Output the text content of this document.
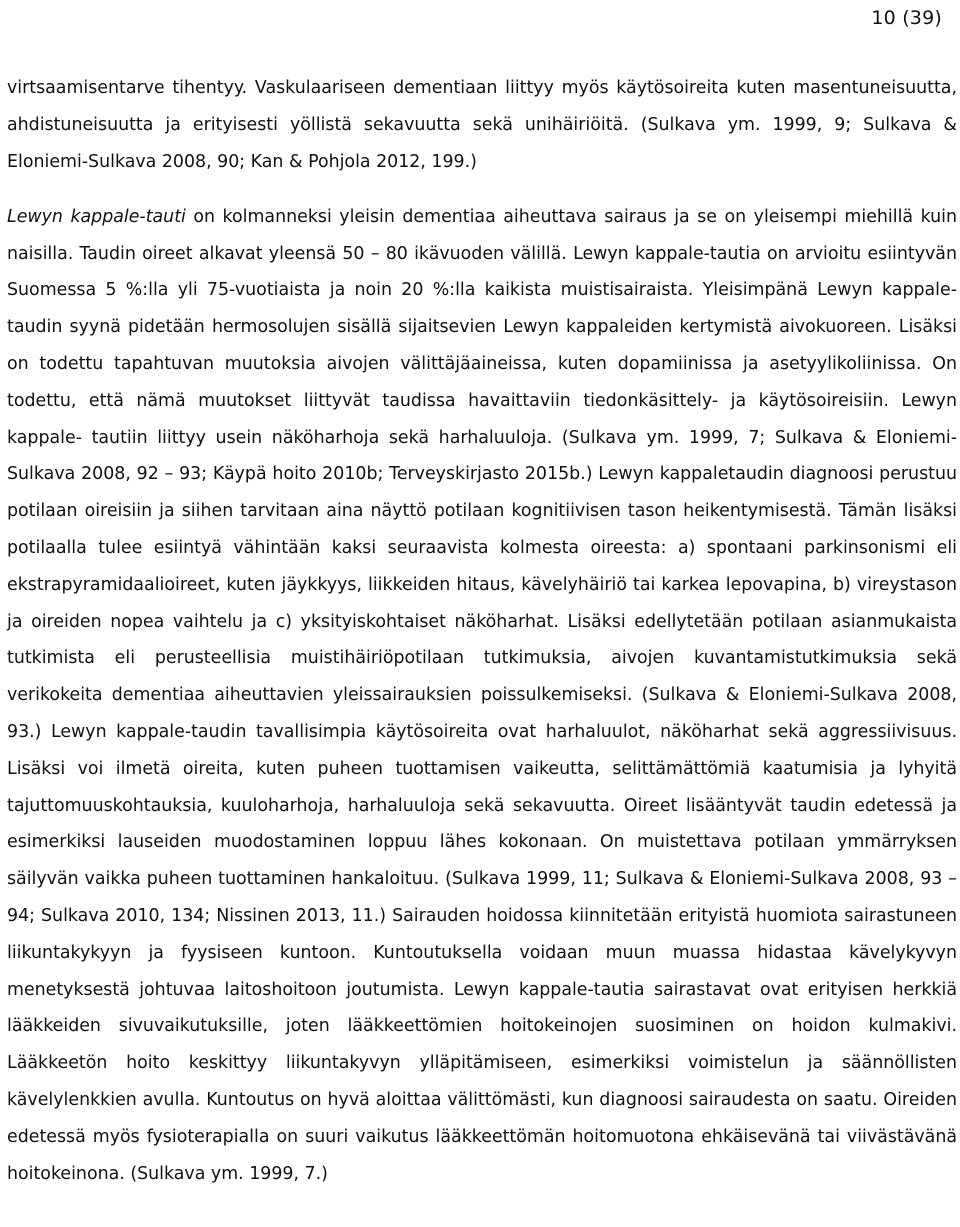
10 (39)

virtsaamisentarve tihentyy. Vaskulaariseen dementiaan liittyy myös käytösoireita kuten masentuneisuutta, ahdistuneisuutta ja erityisesti yöllistä sekavuutta sekä unihäiriöitä. (Sulkava ym. 1999, 9; Sulkava & Eloniemi-Sulkava 2008, 90; Kan & Pohjola 2012, 199.)

Lewyn kappale-tauti on kolmanneksi yleisin dementiaa aiheuttava sairaus ja se on yleisempi miehillä kuin naisilla. Taudin oireet alkavat yleensä 50 – 80 ikävuoden välillä. Lewyn kappale-tautia on arvioitu esiintyvän Suomessa 5 %:lla yli 75-vuotiaista ja noin 20 %:lla kaikista muistisairaista. Yleisimpänä Lewyn kappale-taudin syynä pidetään hermosolujen sisällä sijaitsevien Lewyn kappaleiden kertymistä aivokuoreen. Lisäksi on todettu tapahtuvan muutoksia aivojen välittäjäaineissa, kuten dopamiinissa ja asetyylikoliinissa. On todettu, että nämä muutokset liittyvät taudissa havaittaviin tiedonkäsittely- ja käytösoireisiin. Lewyn kappale- tautiin liittyy usein näköharhoja sekä harhaluuloja. (Sulkava ym. 1999, 7; Sulkava & Eloniemi-Sulkava 2008, 92 – 93; Käypä hoito 2010b; Terveyskirjasto 2015b.) Lewyn kappaletaudin diagnoosi perustuu potilaan oireisiin ja siihen tarvitaan aina näyttö potilaan kognitiivisen tason heikentymisestä. Tämän lisäksi potilaalla tulee esiintyä vähintään kaksi seuraavista kolmesta oireesta: a) spontaani parkinsonismi eli ekstrapyramidaalioireet, kuten jäykkyys, liikkeiden hitaus, kävelyhäiriö tai karkea lepovapina, b) vireystason ja oireiden nopea vaihtelu ja c) yksityiskohtaiset näköharhat. Lisäksi edellytetään potilaan asianmukaista tutkimista eli perusteellisia muistihäiriöpotilaan tutkimuksia, aivojen kuvantamistutkimuksia sekä verikokeita dementiaa aiheuttavien yleissairauksien poissulkemiseksi. (Sulkava & Eloniemi-Sulkava 2008, 93.) Lewyn kappale-taudin tavallisimpia käytösoireita ovat harhaluulot, näköharhat sekä aggressiivisuus. Lisäksi voi ilmetä oireita, kuten puheen tuottamisen vaikeutta, selittämättömiä kaatumisia ja lyhyitä tajuttomuuskohtauksia, kuuloharhoja, harhaluuloja sekä sekavuutta. Oireet lisääntyvät taudin edetessä ja esimerkiksi lauseiden muodostaminen loppuu lähes kokonaan. On muistettava potilaan ymmärryksen säilyvän vaikka puheen tuottaminen hankaloituu. (Sulkava 1999, 11; Sulkava & Eloniemi-Sulkava 2008, 93 – 94; Sulkava 2010, 134; Nissinen 2013, 11.) Sairauden hoidossa kiinnitetään erityistä huomiota sairastuneen liikuntakykyyn ja fyysiseen kuntoon. Kuntoutuksella voidaan muun muassa hidastaa kävelykyvyn menetyksestä johtuvaa laitoshoitoon joutumista. Lewyn kappale-tautia sairastavat ovat erityisen herkkiä lääkkeiden sivuvaikutuksille, joten lääkkeettömien hoitokeinojen suosiminen on hoidon kulmakivi. Lääkkeetön hoito keskittyy liikuntakyvyn ylläpitämiseen, esimerkiksi voimistelun ja säännöllisten kävelylenkkien avulla. Kuntoutus on hyvä aloittaa välittömästi, kun diagnoosi sairaudesta on saatu. Oireiden edetessä myös fysioterapialla on suuri vaikutus lääkkeettömän hoitomuotona ehkäisevänä tai viivästävänä hoitokeinona. (Sulkava ym. 1999, 7.)
